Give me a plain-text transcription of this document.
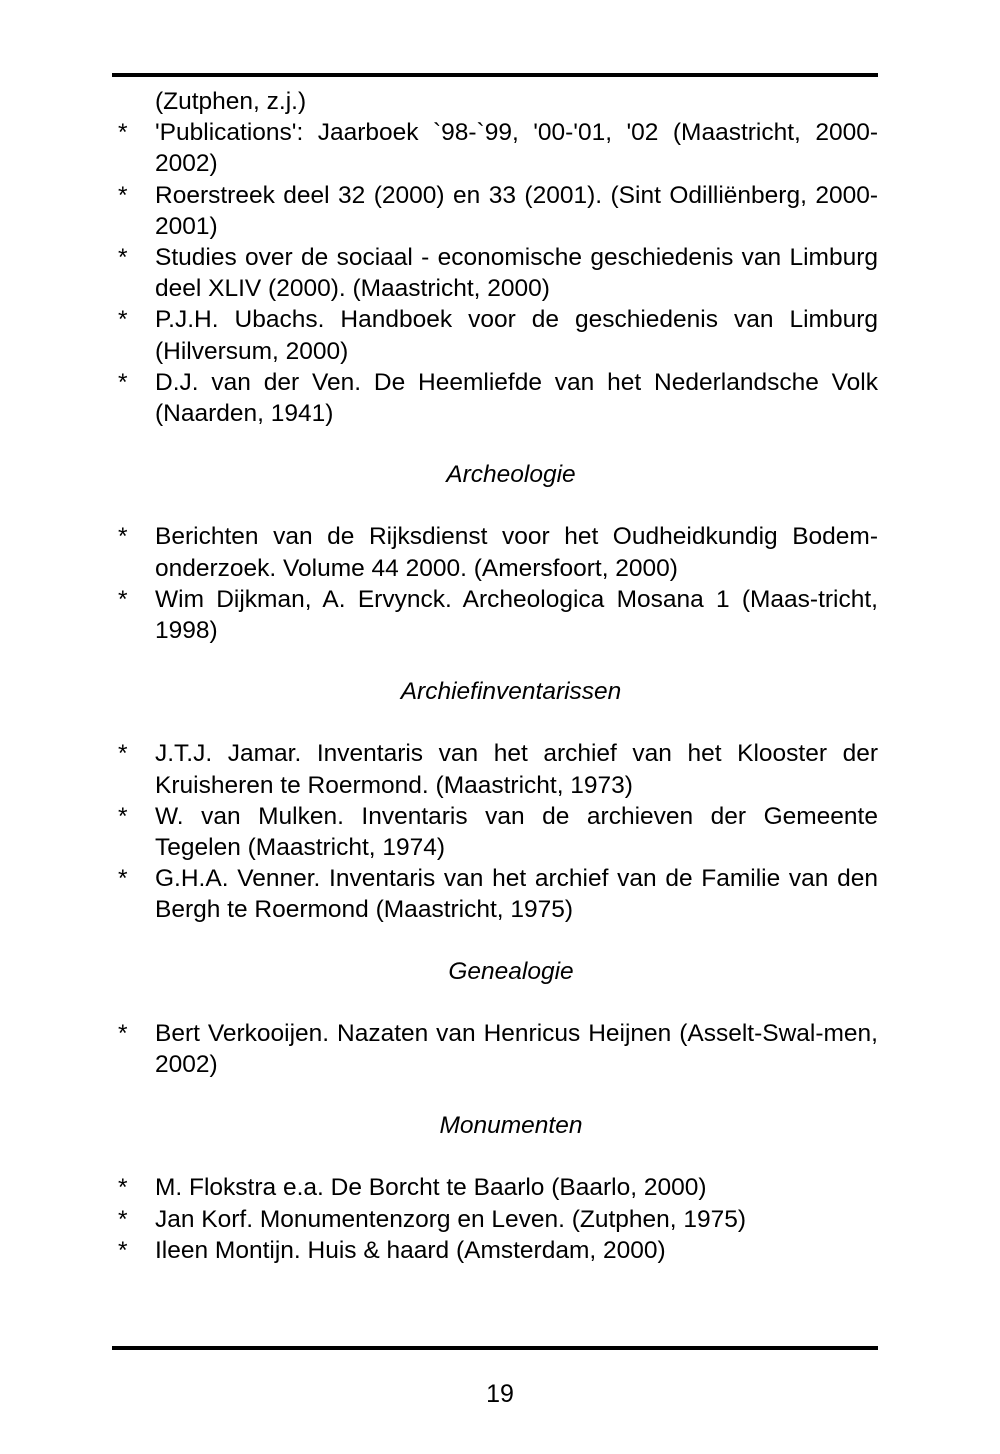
(Zutphen, z.j.)
*	'Publications': Jaarboek `98-`99, '00-'01, '02 (Maastricht, 2000-2002)
*	Roerstreek deel 32 (2000) en 33 (2001). (Sint Odilliënberg, 2000-2001)
*	Studies over de sociaal - economische geschiedenis van Limburg deel XLIV (2000). (Maastricht, 2000)
*	P.J.H. Ubachs. Handboek voor de geschiedenis van Limburg (Hilversum, 2000)
*	D.J. van der Ven. De Heemliefde van het Nederlandsche Volk (Naarden, 1941)
Archeologie
*	Berichten van de Rijksdienst voor het Oudheidkundig Bodem-onderzoek. Volume 44 2000. (Amersfoort, 2000)
*	Wim Dijkman, A. Ervynck. Archeologica Mosana 1 (Maas-tricht, 1998)
Archiefinventarissen
*	J.T.J. Jamar. Inventaris van het archief van het Klooster der Kruisheren te Roermond. (Maastricht, 1973)
*	W. van Mulken. Inventaris van de archieven der Gemeente Tegelen (Maastricht, 1974)
*	G.H.A. Venner. Inventaris van het archief van de Familie van den Bergh te Roermond (Maastricht, 1975)
Genealogie
*	Bert Verkooijen. Nazaten van Henricus Heijnen (Asselt-Swal-men, 2002)
Monumenten
*	M. Flokstra e.a. De Borcht te Baarlo (Baarlo, 2000)
*	Jan Korf. Monumentenzorg en Leven. (Zutphen, 1975)
*	Ileen Montijn. Huis & haard (Amsterdam, 2000)
19
